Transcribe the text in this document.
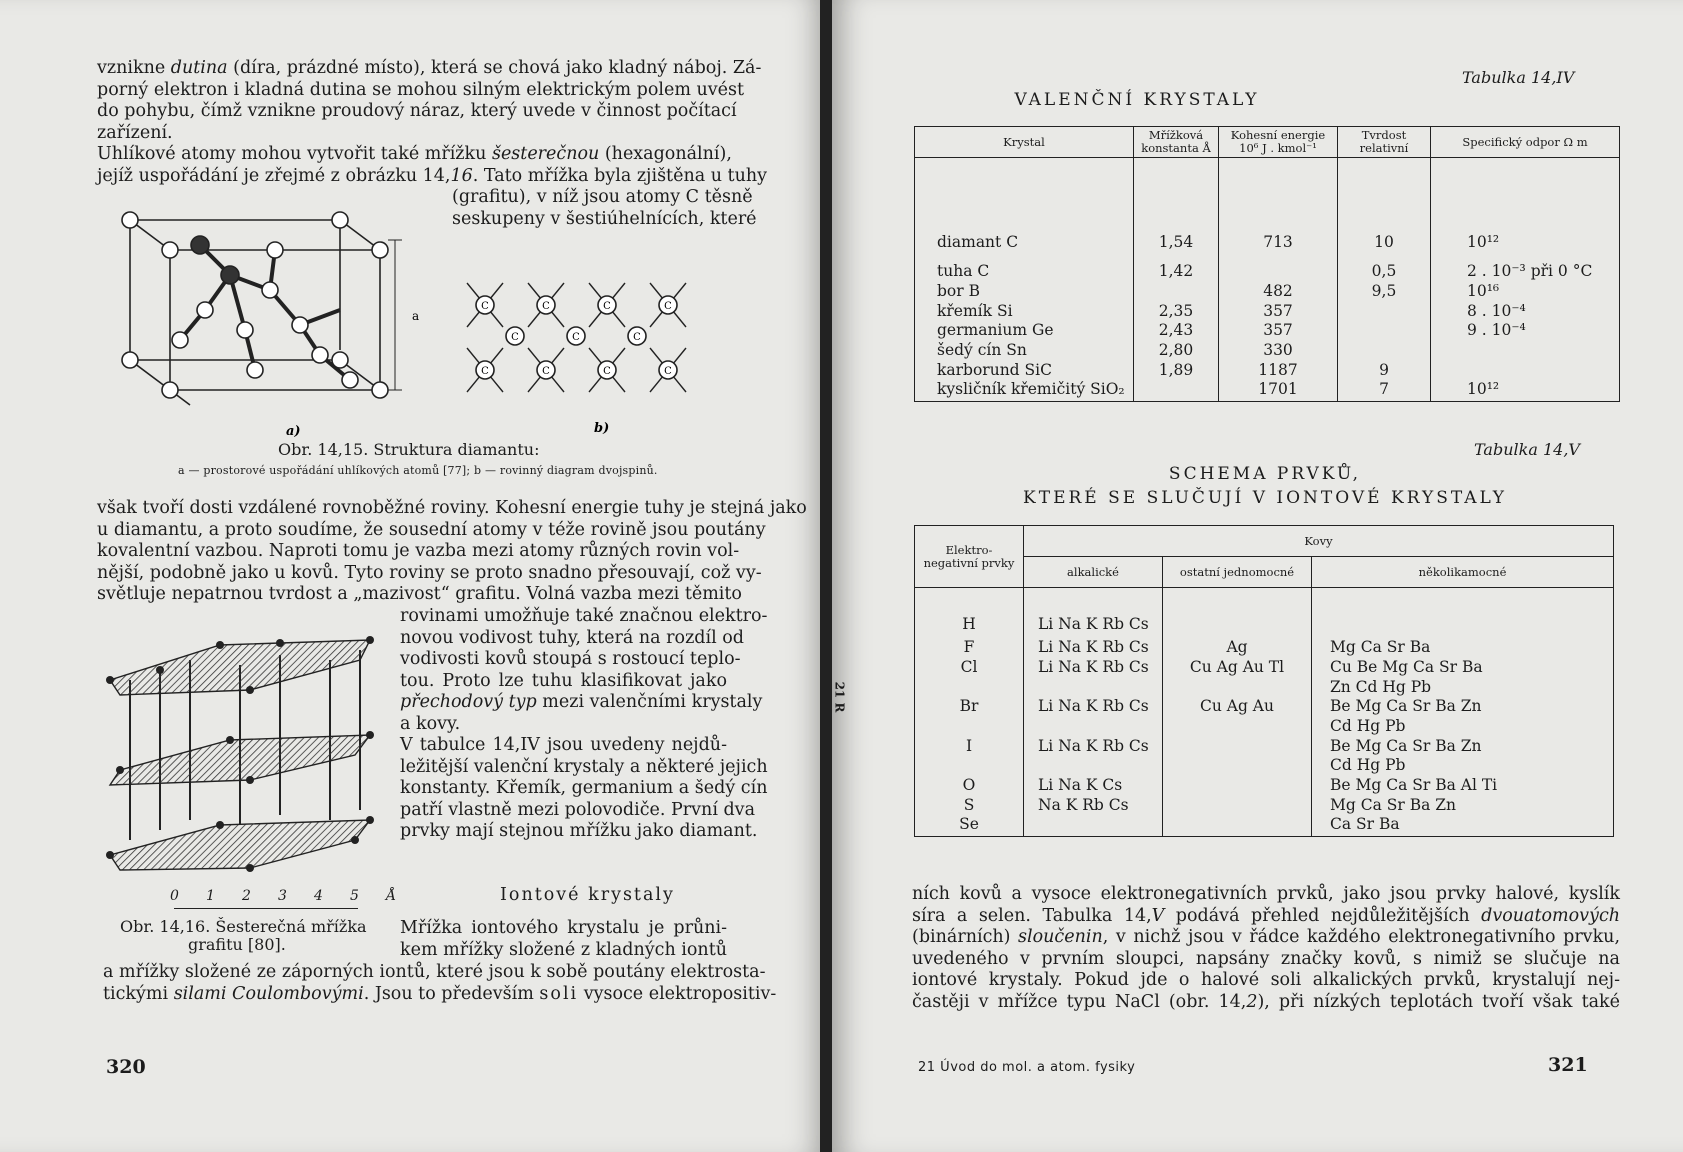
vznikne dutina (díra, prázdné místo), která se chová jako kladný náboj. Zá-
porný elektron i kladná dutina se mohou silným elektrickým polem uvést
do pohybu, čímž vznikne proudový náraz, který uvede v činnost počítací
zařízení.
Uhlíkové atomy mohou vytvořit také mřížku šesterečnou (hexagonální),
jejíž uspořádání je zřejmé z obrázku 14,16. Tato mřížka byla zjištěna u tuhy
(grafitu), v níž jsou atomy C těsně
seskupeny v šestiúhelnících, které
a
a)
C
C
C
C
C
C
C
C
C	C	C
b)
Obr. 14,15. Struktura diamantu:
a — prostorové uspořádání uhlíkových atomů [77]; b — rovinný diagram dvojspinů.
však tvoří dosti vzdálené rovnoběžné roviny. Kohesní energie tuhy je stejná jako
u diamantu, a proto soudíme, že sousední atomy v téže rovině jsou poutány
kovalentní vazbou. Naproti tomu je vazba mezi atomy různých rovin vol-
nější, podobně jako u kovů. Tyto roviny se proto snadno přesouvají, což vy-
světluje nepatrnou tvrdost a „mazivost“ grafitu. Volná vazba mezi těmito
rovinami umožňuje také značnou elektro-
novou vodivost tuhy, která na rozdíl od
vodivosti kovů stoupá s rostoucí teplo-
tou. Proto lze tuhu klasifikovat jako
přechodový typ mezi valenčními krystaly
a kovy.
V tabulce 14,IV jsou uvedeny nejdů-
ležitější valenční krystaly a některé jejich
konstanty. Křemík, germanium a šedý cín
patří vlastně mezi polovodiče. První dva
prvky mají stejnou mřížku jako diamant.
0 1 2 3 4 5 Å
Obr. 14,16. Šesterečná mřížka
grafitu [80].
Iontové krystaly
Mřížka iontového krystalu je průni-
kem mřížky složené z kladných iontů
a mřížky složené ze záporných iontů, které jsou k sobě poutány elektrosta-
tickými silami Coulombovými. Jsou to především soli vysoce elektropositiv-
320
21 R
Tabulka 14,IV
VALENČNÍ KRYSTALY
Krystal	Mřížková konstanta Å	Kohesní energie 10⁶ J . kmol⁻¹	Tvrdost relativní	Specifický odpor Ω m
diamant C	1,54	713	10	10¹²
tuha C	1,42		0,5	2 . 10⁻³ při 0 °C
bor B		482	9,5	10¹⁶
křemík Si	2,35	357		8 . 10⁻⁴
germanium Ge	2,43	357		9 . 10⁻⁴
šedý cín Sn	2,80	330		
karborund SiC	1,89	1187	9	
kysličník křemičitý SiO₂		1701	7	10¹²
Tabulka 14,V
SCHEMA PRVKŮ,
KTERÉ SE SLUČUJÍ V IONTOVÉ KRYSTALY
Elektro-negativní prvky	Kovy		
	alkalické	ostatní jednomocné	několikamocné
H	Li Na K Rb Cs		
F	Li Na K Rb Cs	Ag	Mg Ca Sr Ba
Cl	Li Na K Rb Cs	Cu Ag Au Tl	Cu Be Mg Ca Sr Ba
			Zn Cd Hg Pb
Br	Li Na K Rb Cs	Cu Ag Au	Be Mg Ca Sr Ba Zn
			Cd Hg Pb
I	Li Na K Rb Cs		Be Mg Ca Sr Ba Zn
			Cd Hg Pb
O	Li Na K Cs		Be Mg Ca Sr Ba Al Ti
S	Na K Rb Cs		Mg Ca Sr Ba Zn
Se			Ca Sr Ba
ních kovů a vysoce elektronegativních prvků, jako jsou prvky halové, kyslík
síra a selen. Tabulka 14,V podává přehled nejdůležitějších dvouatomových
(binárních) sloučenin, v nichž jsou v řádce každého elektronegativního prvku,
uvedeného v prvním sloupci, napsány značky kovů, s nimiž se slučuje na
iontové krystaly. Pokud jde o halové soli alkalických prvků, krystalují nej-
častěji v mřížce typu NaCl (obr. 14,2), při nízkých teplotách tvoří však také
21 Úvod do mol. a atom. fysiky	321
